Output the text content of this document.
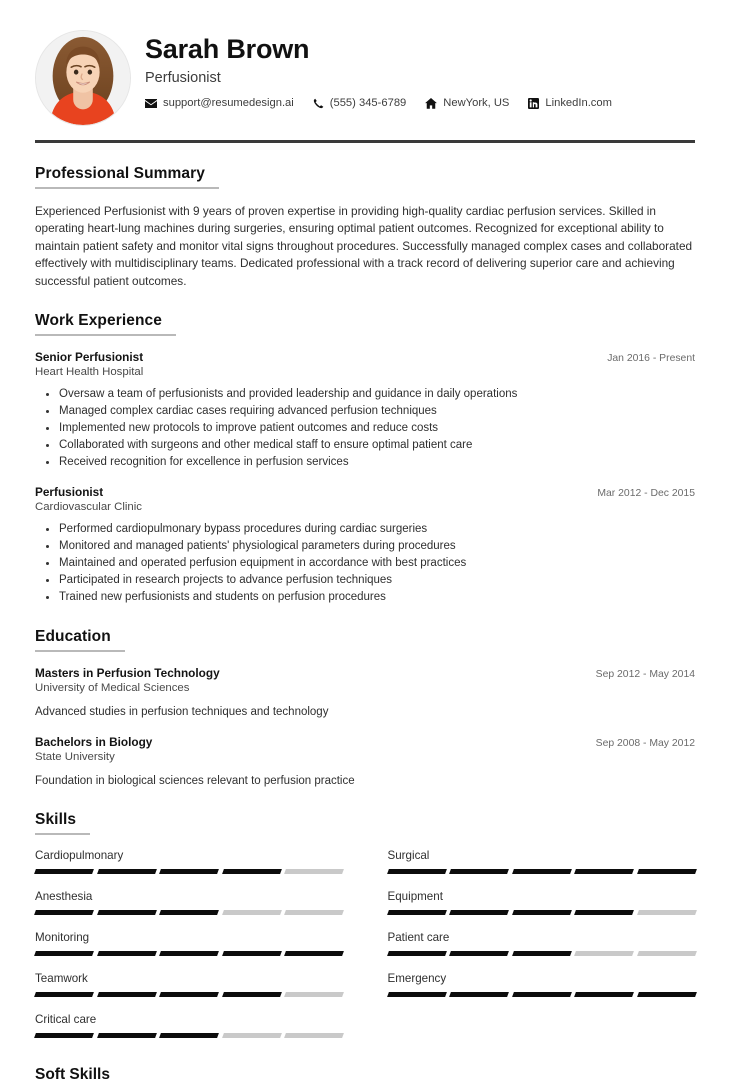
Sarah Brown
Perfusionist
support@resumedesign.ai	(555) 345-6789	NewYork, US	LinkedIn.com
Professional Summary
Experienced Perfusionist with 9 years of proven expertise in providing high-quality cardiac perfusion services. Skilled in operating heart-lung machines during surgeries, ensuring optimal patient outcomes. Recognized for exceptional ability to maintain patient safety and monitor vital signs throughout procedures. Successfully managed complex cases and collaborated effectively with multidisciplinary teams. Dedicated professional with a track record of delivering superior care and achieving successful patient outcomes.
Work Experience
Senior Perfusionist	Jan 2016 - Present
Heart Health Hospital
Oversaw a team of perfusionists and provided leadership and guidance in daily operations
Managed complex cardiac cases requiring advanced perfusion techniques
Implemented new protocols to improve patient outcomes and reduce costs
Collaborated with surgeons and other medical staff to ensure optimal patient care
Received recognition for excellence in perfusion services
Perfusionist	Mar 2012 - Dec 2015
Cardiovascular Clinic
Performed cardiopulmonary bypass procedures during cardiac surgeries
Monitored and managed patients' physiological parameters during procedures
Maintained and operated perfusion equipment in accordance with best practices
Participated in research projects to advance perfusion techniques
Trained new perfusionists and students on perfusion procedures
Education
Masters in Perfusion Technology	Sep 2012 - May 2014
University of Medical Sciences
Advanced studies in perfusion techniques and technology
Bachelors in Biology	Sep 2008 - May 2012
State University
Foundation in biological sciences relevant to perfusion practice
Skills
Cardiopulmonary
Anesthesia
Monitoring
Teamwork
Critical care
Surgical
Equipment
Patient care
Emergency
Soft Skills
